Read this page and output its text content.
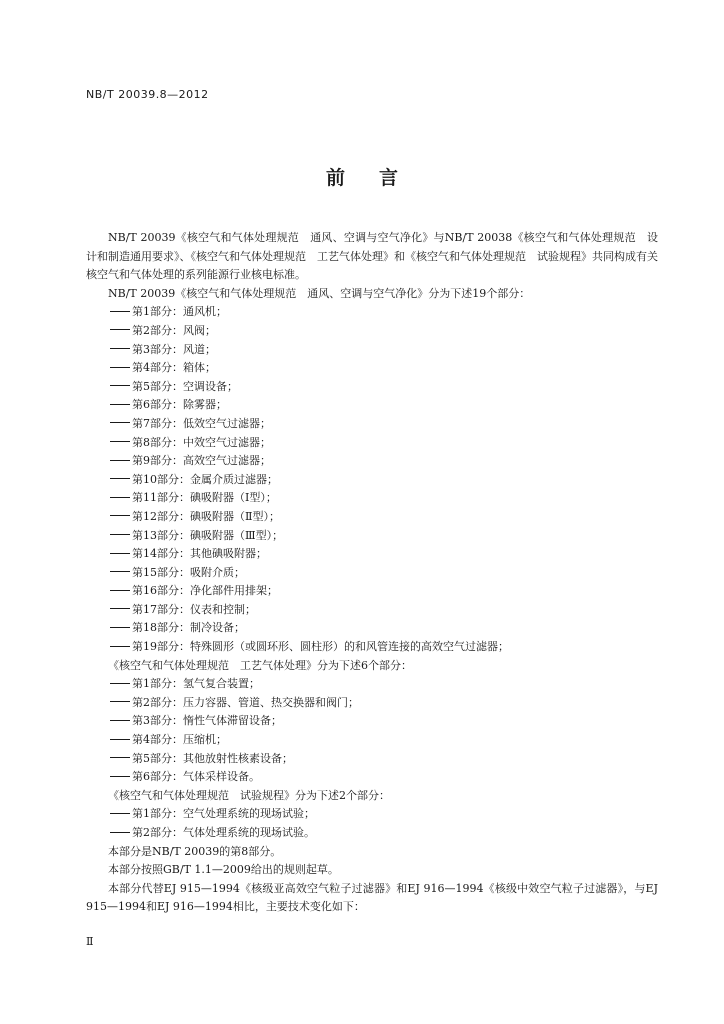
NB/T 20039.8—2012
前言

NB/T 20039《核空气和气体处理规范　通风、空调与空气净化》与NB/T 20038《核空气和气体处理规范　设计和制造通用要求》、《核空气和气体处理规范　工艺气体处理》和《核空气和气体处理规范　试验规程》共同构成有关核空气和气体处理的系列能源行业核电标准。

NB/T 20039《核空气和气体处理规范　通风、空调与空气净化》分为下述19个部分：

第1部分：通风机；
第2部分：风阀；
第3部分：风道；
第4部分：箱体；
第5部分：空调设备；
第6部分：除雾器；
第7部分：低效空气过滤器；
第8部分：中效空气过滤器；
第9部分：高效空气过滤器；
第10部分：金属介质过滤器；
第11部分：碘吸附器（Ⅰ型）；
第12部分：碘吸附器（Ⅱ型）；
第13部分：碘吸附器（Ⅲ型）；
第14部分：其他碘吸附器；
第15部分：吸附介质；
第16部分：净化部件用排架；
第17部分：仪表和控制；
第18部分：制冷设备；
第19部分：特殊圆形（或圆环形、圆柱形）的和风管连接的高效空气过滤器；

《核空气和气体处理规范　工艺气体处理》分为下述6个部分：

第1部分：氢气复合装置；
第2部分：压力容器、管道、热交换器和阀门；
第3部分：惰性气体滞留设备；
第4部分：压缩机；
第5部分：其他放射性核素设备；
第6部分：气体采样设备。

《核空气和气体处理规范　试验规程》分为下述2个部分：

第1部分：空气处理系统的现场试验；
第2部分：气体处理系统的现场试验。

本部分是NB/T 20039的第8部分。

本部分按照GB/T 1.1—2009给出的规则起草。

本部分代替EJ 915—1994《核级亚高效空气粒子过滤器》和EJ 916—1994《核级中效空气粒子过滤器》，与EJ 915—1994和EJ 916—1994相比，主要技术变化如下：

Ⅱ
